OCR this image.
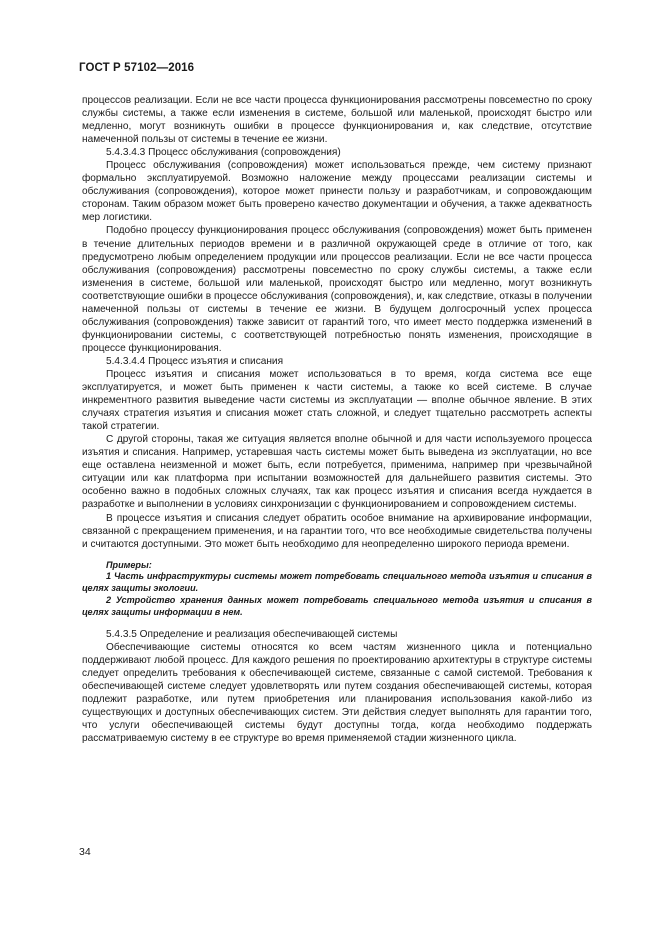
ГОСТ Р 57102—2016

процессов реализации. Если не все части процесса функционирования рассмотрены повсеместно по сроку службы системы, а также если изменения в системе, большой или маленькой, происходят быстро или медленно, могут возникнуть ошибки в процессе функционирования и, как следствие, отсутствие намеченной пользы от системы в течение ее жизни.

5.4.3.4.3 Процесс обслуживания (сопровождения)

Процесс обслуживания (сопровождения) может использоваться прежде, чем систему признают формально эксплуатируемой. Возможно наложение между процессами реализации системы и обслуживания (сопровождения), которое может принести пользу и разработчикам, и сопровождающим сторонам. Таким образом может быть проверено качество документации и обучения, а также адекватность мер логистики.

Подобно процессу функционирования процесс обслуживания (сопровождения) может быть применен в течение длительных периодов времени и в различной окружающей среде в отличие от того, как предусмотрено любым определением продукции или процессов реализации. Если не все части процесса обслуживания (сопровождения) рассмотрены повсеместно по сроку службы системы, а также если изменения в системе, большой или маленькой, происходят быстро или медленно, могут возникнуть соответствующие ошибки в процессе обслуживания (сопровождения), и, как следствие, отказы в получении намеченной пользы от системы в течение ее жизни. В будущем долгосрочный успех процесса обслуживания (сопровождения) также зависит от гарантий того, что имеет место поддержка изменений в функционировании системы, с соответствующей потребностью понять изменения, происходящие в процессе функционирования.

5.4.3.4.4 Процесс изъятия и списания

Процесс изъятия и списания может использоваться в то время, когда система все еще эксплуатируется, и может быть применен к части системы, а также ко всей системе. В случае инкрементного развития выведение части системы из эксплуатации — вполне обычное явление. В этих случаях стратегия изъятия и списания может стать сложной, и следует тщательно рассмотреть аспекты такой стратегии.

С другой стороны, такая же ситуация является вполне обычной и для части используемого процесса изъятия и списания. Например, устаревшая часть системы может быть выведена из эксплуатации, но все еще оставлена неизменной и может быть, если потребуется, применима, например при чрезвычайной ситуации или как платформа при испытании возможностей для дальнейшего развития системы. Это особенно важно в подобных сложных случаях, так как процесс изъятия и списания всегда нуждается в разработке и выполнении в условиях синхронизации с функционированием и сопровождением системы.

В процессе изъятия и списания следует обратить особое внимание на архивирование информации, связанной с прекращением применения, и на гарантии того, что все необходимые свидетельства получены и считаются доступными. Это может быть необходимо для неопределенно широкого периода времени.

Примеры:

1 Часть инфраструктуры системы может потребовать специального метода изъятия и списания в целях защиты экологии.

2 Устройство хранения данных может потребовать специального метода изъятия и списания в целях защиты информации в нем.

5.4.3.5 Определение и реализация обеспечивающей системы

Обеспечивающие системы относятся ко всем частям жизненного цикла и потенциально поддерживают любой процесс. Для каждого решения по проектированию архитектуры в структуре системы следует определить требования к обеспечивающей системе, связанные с самой системой. Требования к обеспечивающей системе следует удовлетворять или путем создания обеспечивающей системы, которая подлежит разработке, или путем приобретения или планирования использования какой-либо из существующих и доступных обеспечивающих систем. Эти действия следует выполнять для гарантии того, что услуги обеспечивающей системы будут доступны тогда, когда необходимо поддержать рассматриваемую систему в ее структуре во время применяемой стадии жизненного цикла.

34
